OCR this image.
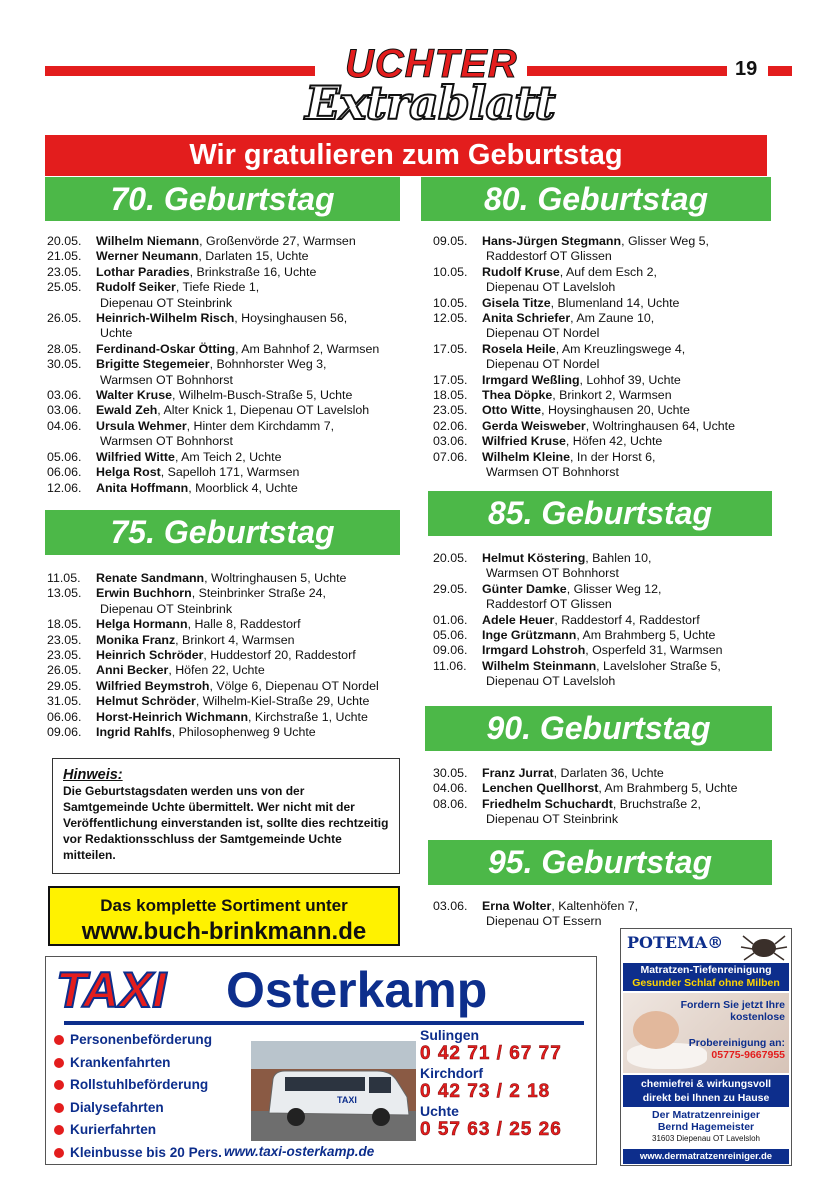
19
UCHTER
Extrablatt
Wir gratulieren zum Geburtstag
70. Geburtstag	80. Geburtstag
75. Geburtstag
85. Geburtstag
90. Geburtstag
95. Geburtstag
20.05.	Wilhelm Niemann , Großenvörde 27, Warmsen
21.05.	Werner Neumann , Darlaten 15, Uchte
23.05.	Lothar Paradies , Brinkstraße 16, Uchte
25.05.	Rudolf Seiker , Tiefe Riede 1,
Diepenau OT Steinbrink
26.05.	Heinrich-Wilhelm Risch , Hoysinghausen 56,
Uchte
28.05.	Ferdinand-Oskar Ötting , Am Bahnhof 2, Warmsen
30.05.	Brigitte Stegemeier , Bohnhorster Weg 3,
Warmsen OT Bohnhorst
03.06.	Walter Kruse , Wilhelm-Busch-Straße 5, Uchte
03.06.	Ewald Zeh , Alter Knick 1, Diepenau OT Lavelsloh
04.06.	Ursula Wehmer , Hinter dem Kirchdamm 7,
Warmsen OT Bohnhorst
05.06.	Wilfried Witte , Am Teich 2, Uchte
06.06.	Helga Rost , Sapelloh 171, Warmsen
12.06.	Anita Hoffmann , Moorblick 4, Uchte
11.05.	Renate Sandmann , Woltringhausen 5, Uchte
13.05.	Erwin Buchhorn , Steinbrinker Straße 24,
Diepenau OT Steinbrink
18.05.	Helga Hormann , Halle 8, Raddestorf
23.05.	Monika Franz , Brinkort 4, Warmsen
23.05.	Heinrich Schröder , Huddestorf 20, Raddestorf
26.05.	Anni Becker , Höfen 22, Uchte
29.05.	Wilfried Beymstroh , Völge 6, Diepenau OT Nordel
31.05.	Helmut Schröder , Wilhelm-Kiel-Straße 29, Uchte
06.06.	Horst-Heinrich Wichmann , Kirchstraße 1, Uchte
09.06.	Ingrid Rahlfs , Philosophenweg 9 Uchte
09.05.	Hans-Jürgen Stegmann , Glisser Weg 5,
Raddestorf OT Glissen
10.05.	Rudolf Kruse , Auf dem Esch 2,
Diepenau OT Lavelsloh
10.05.	Gisela Titze , Blumenland 14, Uchte
12.05.	Anita Schriefer , Am Zaune 10,
Diepenau OT Nordel
17.05.	Rosela Heile , Am Kreuzlingswege 4,
Diepenau OT Nordel
17.05.	Irmgard Weßling , Lohhof 39, Uchte
18.05.	Thea Döpke , Brinkort 2, Warmsen
23.05.	Otto Witte , Hoysinghausen 20, Uchte
02.06.	Gerda Weisweber , Woltringhausen 64, Uchte
03.06.	Wilfried Kruse , Höfen 42, Uchte
07.06.	Wilhelm Kleine , In der Horst 6,
Warmsen OT Bohnhorst
20.05.	Helmut Köstering , Bahlen 10,
Warmsen OT Bohnhorst
29.05.	Günter Damke , Glisser Weg 12,
Raddestorf OT Glissen
01.06.	Adele Heuer , Raddestorf 4, Raddestorf
05.06.	Inge Grützmann , Am Brahmberg 5, Uchte
09.06.	Irmgard Lohstroh , Osperfeld 31, Warmsen
11.06.	Wilhelm Steinmann , Lavelsloher Straße 5,
Diepenau OT Lavelsloh
30.05.	Franz Jurrat , Darlaten 36, Uchte
04.06.	Lenchen Quellhorst , Am Brahmberg 5, Uchte
08.06.	Friedhelm Schuchardt , Bruchstraße 2,
Diepenau OT Steinbrink
03.06.	Erna Wolter , Kaltenhöfen 7,
Diepenau OT Essern
Hinweis:
Die Geburtstagsdaten werden uns von der Samtgemeinde Uchte übermittelt. Wer nicht mit der Veröffentlichung einverstanden ist, sollte dies rechtzeitig vor Redaktionsschluss der Samtgemeinde Uchte mitteilen.
Das komplette Sortiment unter
www.buch-brinkmann.de
TAXI Osterkamp
Personenbeförderung
Krankenfahrten
Rollstuhlbeförderung
Dialysefahrten
Kurierfahrten
Kleinbusse bis 20 Pers.
TAXI
www.taxi-osterkamp.de
Sulingen
0 42 71 / 67 77
Kirchdorf
0 42 73 / 2 18
Uchte
0 57 63 / 25 26
POTEMA®
Matratzen-Tiefenreinigung
Gesunder Schlaf ohne Milben
Fordern Sie jetzt Ihre kostenlose
Probereinigung an:
05775-9667955
chemiefrei & wirkungsvoll
direkt bei Ihnen zu Hause
Der Matratzenreiniger
Bernd Hagemeister
31603 Diepenau OT Lavelsloh
www.dermatratzenreiniger.de
